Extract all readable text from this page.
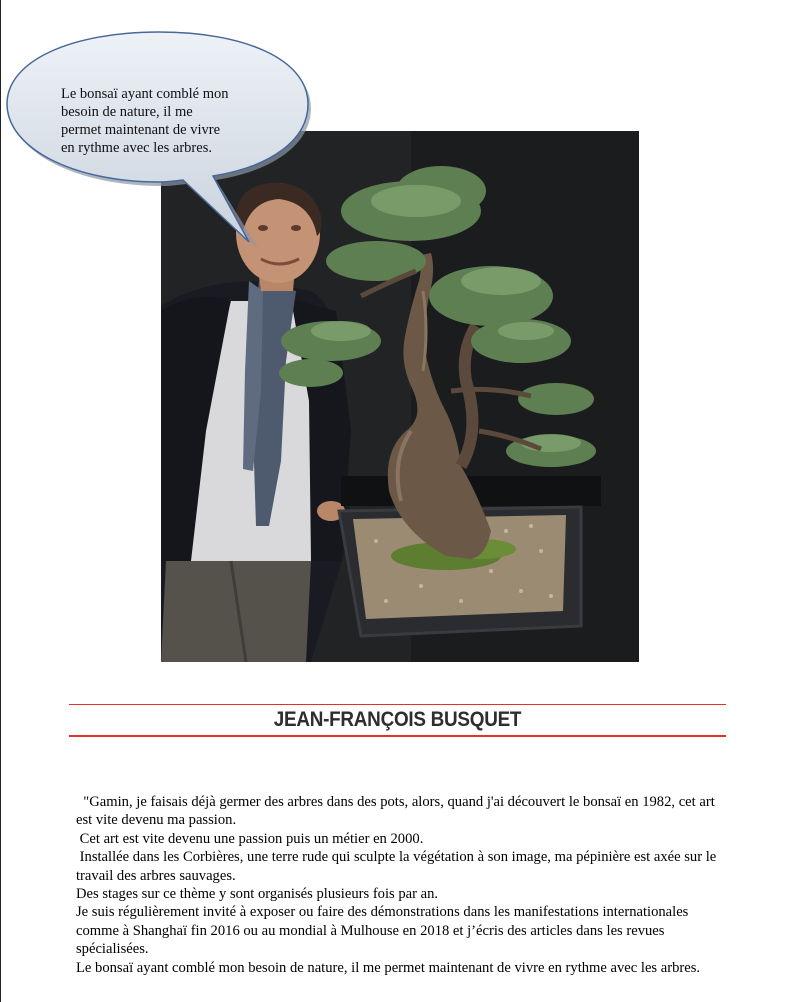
Le bonsaï ayant comblé mon
besoin de nature, il me
permet maintenant de vivre
en rythme avec les arbres.
JEAN-FRANÇOIS BUSQUET

"Gamin, je faisais déjà germer des arbres dans des pots, alors, quand j'ai découvert le bonsaï en 1982, cet art est vite devenu ma passion.

Cet art est vite devenu une passion puis un métier en 2000.

Installée dans les Corbières, une terre rude qui sculpte la végétation à son image, ma pépinière est axée sur le travail des arbres sauvages.

Des stages sur ce thème y sont organisés plusieurs fois par an.

Je suis régulièrement invité à exposer ou faire des démonstrations dans les manifestations internationales comme à Shanghaï fin 2016 ou au mondial à Mulhouse en 2018 et j’écris des articles dans les revues spécialisées.

Le bonsaï ayant comblé mon besoin de nature, il me permet maintenant de vivre en rythme avec les arbres.
